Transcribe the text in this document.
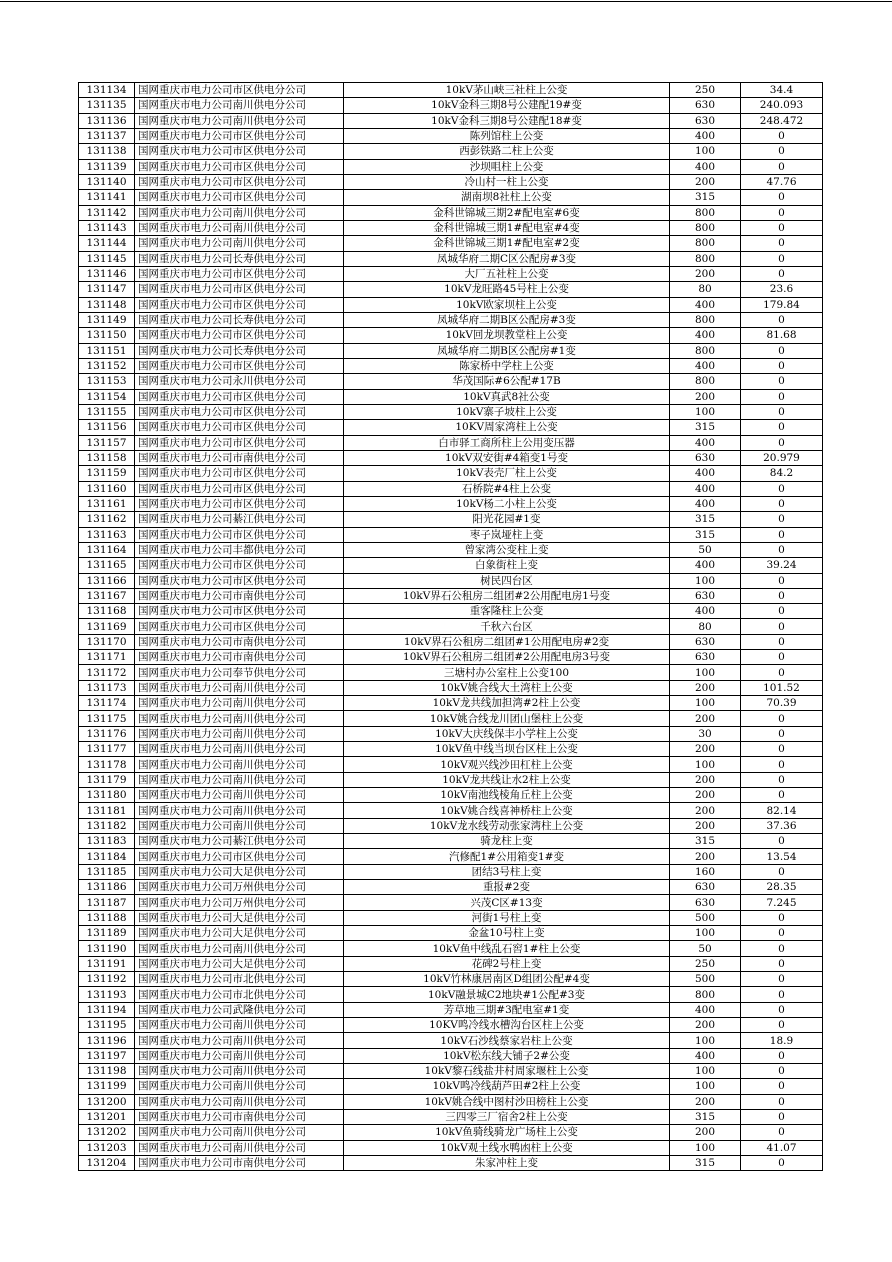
131134	国网重庆市电力公司市区供电分公司	10kV茅山峡三社柱上公变	250	34.4
131135	国网重庆市电力公司南川供电分公司	10kV金科三期8号公建配19#变	630	240.093
131136	国网重庆市电力公司南川供电分公司	10kV金科三期8号公建配18#变	630	248.472
131137	国网重庆市电力公司市区供电分公司	陈列馆柱上公变	400	0
131138	国网重庆市电力公司市区供电分公司	西彭铁路二柱上公变	100	0
131139	国网重庆市电力公司市区供电分公司	沙坝咀柱上公变	400	0
131140	国网重庆市电力公司市区供电分公司	冷山村一柱上公变	200	47.76
131141	国网重庆市电力公司市区供电分公司	湖南坝8社柱上公变	315	0
131142	国网重庆市电力公司南川供电分公司	金科世锦城三期2#配电室#6变	800	0
131143	国网重庆市电力公司南川供电分公司	金科世锦城三期1#配电室#4变	800	0
131144	国网重庆市电力公司南川供电分公司	金科世锦城三期1#配电室#2变	800	0
131145	国网重庆市电力公司长寿供电分公司	凤城华府二期C区公配房#3变	800	0
131146	国网重庆市电力公司市区供电分公司	大厂五社柱上公变	200	0
131147	国网重庆市电力公司市区供电分公司	10kV龙旺路45号柱上公变	80	23.6
131148	国网重庆市电力公司市区供电分公司	10kV欧家坝柱上公变	400	179.84
131149	国网重庆市电力公司长寿供电分公司	凤城华府二期B区公配房#3变	800	0
131150	国网重庆市电力公司市区供电分公司	10kV回龙坝教堂柱上公变	400	81.68
131151	国网重庆市电力公司长寿供电分公司	凤城华府二期B区公配房#1变	800	0
131152	国网重庆市电力公司市区供电分公司	陈家桥中学柱上公变	400	0
131153	国网重庆市电力公司永川供电分公司	华茂国际#6公配#17B	800	0
131154	国网重庆市电力公司市区供电分公司	10kV真武8社公变	200	0
131155	国网重庆市电力公司市区供电分公司	10kV寨子坡柱上公变	100	0
131156	国网重庆市电力公司市区供电分公司	10KV周家湾柱上公变	315	0
131157	国网重庆市电力公司市区供电分公司	白市驿工商所柱上公用变压器	400	0
131158	国网重庆市电力公司市南供电分公司	10kV双安街#4箱变1号变	630	20.979
131159	国网重庆市电力公司市区供电分公司	10kV表壳厂柱上公变	400	84.2
131160	国网重庆市电力公司市区供电分公司	石桥院#4柱上公变	400	0
131161	国网重庆市电力公司市区供电分公司	10kV杨二小柱上公变	400	0
131162	国网重庆市电力公司綦江供电分公司	阳光花园#1变	315	0
131163	国网重庆市电力公司市区供电分公司	枣子岚垭柱上变	315	0
131164	国网重庆市电力公司丰都供电分公司	曾家湾公变柱上变	50	0
131165	国网重庆市电力公司市区供电分公司	白象街柱上变	400	39.24
131166	国网重庆市电力公司市区供电分公司	树民四台区	100	0
131167	国网重庆市电力公司市南供电分公司	10kV界石公租房二组团#2公用配电房1号变	630	0
131168	国网重庆市电力公司市区供电分公司	重客隆柱上公变	400	0
131169	国网重庆市电力公司市区供电分公司	千秋六台区	80	0
131170	国网重庆市电力公司市南供电分公司	10kV界石公租房二组团#1公用配电房#2变	630	0
131171	国网重庆市电力公司市南供电分公司	10kV界石公租房二组团#2公用配电房3号变	630	0
131172	国网重庆市电力公司奉节供电分公司	三塘村办公室柱上公变100	100	0
131173	国网重庆市电力公司南川供电分公司	10kV姚合线大土湾柱上公变	200	101.52
131174	国网重庆市电力公司南川供电分公司	10kV龙共线加担湾#2柱上公变	100	70.39
131175	国网重庆市电力公司南川供电分公司	10kV姚合线龙川团山堡柱上公变	200	0
131176	国网重庆市电力公司南川供电分公司	10kV大庆线保丰小学柱上公变	30	0
131177	国网重庆市电力公司南川供电分公司	10kV鱼中线当坝台区柱上公变	200	0
131178	国网重庆市电力公司南川供电分公司	10kV观兴线沙田杠柱上公变	100	0
131179	国网重庆市电力公司南川供电分公司	10kV龙共线让水2柱上公变	200	0
131180	国网重庆市电力公司南川供电分公司	10kV南池线棱角丘柱上公变	200	0
131181	国网重庆市电力公司南川供电分公司	10kV姚合线喜神桥柱上公变	200	82.14
131182	国网重庆市电力公司南川供电分公司	10kV龙水线劳动张家湾柱上公变	200	37.36
131183	国网重庆市电力公司綦江供电分公司	骑龙柱上变	315	0
131184	国网重庆市电力公司市区供电分公司	汽修配1#公用箱变1#变	200	13.54
131185	国网重庆市电力公司大足供电分公司	团结3号柱上变	160	0
131186	国网重庆市电力公司万州供电分公司	重报#2变	630	28.35
131187	国网重庆市电力公司万州供电分公司	兴茂C区#13变	630	7.245
131188	国网重庆市电力公司大足供电分公司	河街1号柱上变	500	0
131189	国网重庆市电力公司大足供电分公司	金盆10号柱上变	100	0
131190	国网重庆市电力公司南川供电分公司	10kV鱼中线乱石窖1#柱上公变	50	0
131191	国网重庆市电力公司大足供电分公司	花碑2号柱上变	250	0
131192	国网重庆市电力公司市北供电分公司	10kV竹林康居南区D组团公配#4变	500	0
131193	国网重庆市电力公司市北供电分公司	10kV融景城C2地块#1公配#3变	800	0
131194	国网重庆市电力公司武隆供电分公司	芳草地三期#3配电室#1变	400	0
131195	国网重庆市电力公司南川供电分公司	10KV鸣冷线水槽沟台区柱上公变	200	0
131196	国网重庆市电力公司南川供电分公司	10kV石沙线蔡家岩柱上公变	100	18.9
131197	国网重庆市电力公司南川供电分公司	10kV松东线大铺子2#公变	400	0
131198	国网重庆市电力公司南川供电分公司	10kV黎石线盐井村周家堰柱上公变	100	0
131199	国网重庆市电力公司南川供电分公司	10kV鸣冷线葫芦田#2柱上公变	100	0
131200	国网重庆市电力公司南川供电分公司	10kV姚合线中图村沙田榜柱上公变	200	0
131201	国网重庆市电力公司市南供电分公司	三四零三厂宿舍2柱上公变	315	0
131202	国网重庆市电力公司南川供电分公司	10kV鱼骑线骑龙广场柱上公变	200	0
131203	国网重庆市电力公司南川供电分公司	10kV观土线水鸭凼柱上公变	100	41.07
131204	国网重庆市电力公司市南供电分公司	朱家冲柱上变	315	0
